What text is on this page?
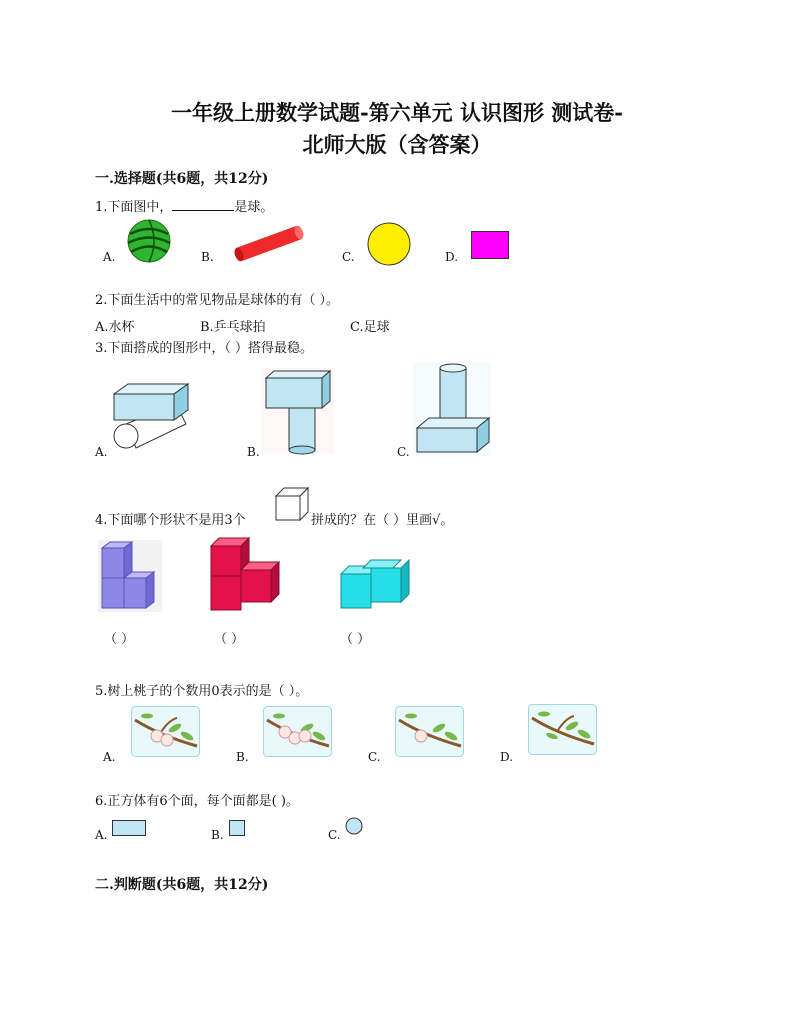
一年级上册数学试题-第六单元 认识图形 测试卷-
北师大版（含答案）
一.选择题(共6题，共12分)
1.下面图中，	是球。
A.	B.	C.	D.
2.下面生活中的常见物品是球体的有（ ）。
A.水杯	B.乒乓球拍	C.足球
3.下面搭成的图形中，（ ）搭得最稳。
A.	B.	C.
4.下面哪个形状不是用3个	拼成的？在（ ）里画√。
（ ）	（ ）	（ ）
5.树上桃子的个数用0表示的是（ ）。
A.	B.	C.	D.
6.正方体有6个面，每个面都是( )。
A.	B.	C.
二.判断题(共6题，共12分)
